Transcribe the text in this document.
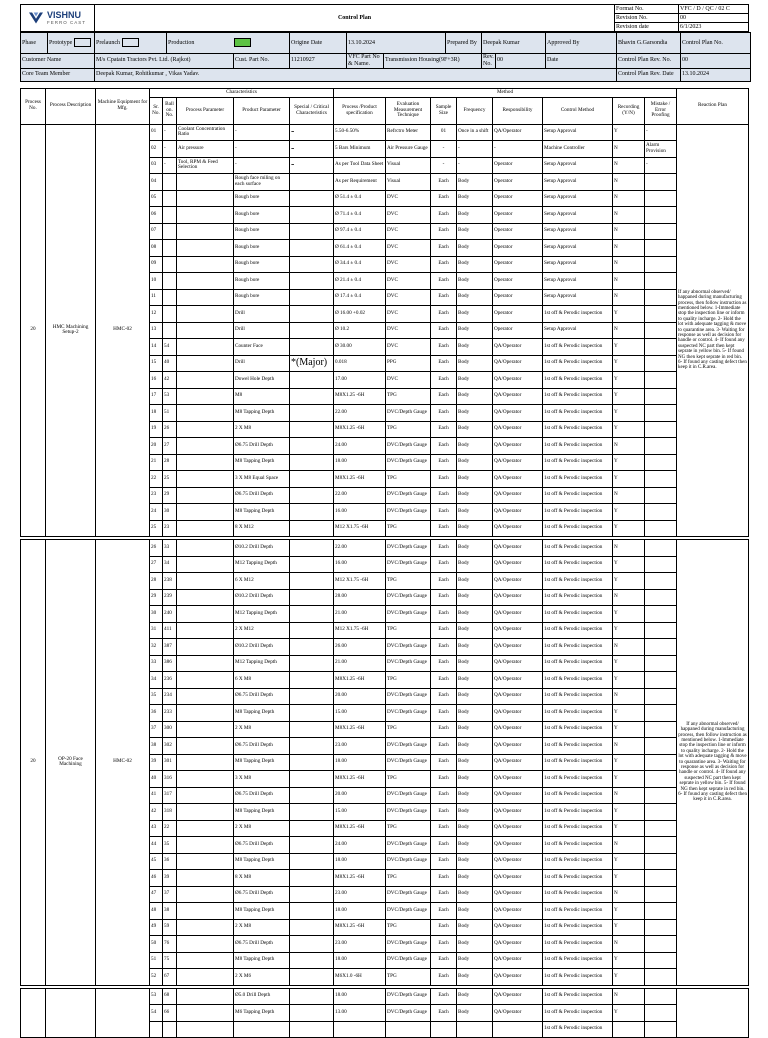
VISHNU
FERRO CAST	Control Plan	Format No.	VFC / D / QC / 02 C
		Revision No.	00
		Revision date	6/1/2023
Phase	Prototype	Prelaunch	Production		Origine Date	13.10.2024		Prepared By	Deepak Kumar		Approved By	Bhavin G.Garsondia	Control Plan No.	
Customer Name		M/s Cpatain Tractors Pvt. Ltd. (Rajkot)		Cust. Part No.	11210927	VFC Part No & Name.	Transmission Housing(9F+3R)		Rev. No.	00	Date	Control Plan Rev. No.	00	
Core Team Member		Deepak Kumar, Rohitkumar , Vikas Yadav.										Control Plan Rev. Date	13.10.2024	
Process No.	Process Description	Machine Equipment for Mfg.	Characteristics					Method								Reaction Plan
			Sr. No.	Ball on. No.	Process Parameter	Product Parameter	Special / Critical Characteristics	Process /Product specification	Evaluation Measurement Technique	Sample Size	Frequency	Responsibility	Control Method	Recording (Y/N)	Mistake / Error Proofing	
20	HMC Machining Setup-2	HMC-02	01	-	Coolant Concentration Ratio	-	-	5.50-6.50%	Refrctro Meter	01	Once in a shift	QA/Operator	Setup Approval	Y	-	If any abnormal observed/ happaned during manufacturing process, then follow instruction as mentioned below. 1-Immediate stop the inspection line or inform to quality incharge. 2- Hold the lot with adequate tagging & move to quarantine area. 3- Waiting for response as well as decision for handle or control. 4- If found any suspected NC part then kept seprate in yellow bin. 5- If found NG then kept seprate in red bin. 6- If found any casting defect then keep it in C.R.area.
			02	-	Air pressure	-	-	5 Bars Minimum	Air Pressure Gauge	-	-	-	Machine Controller	N	Alarm Provision	
			03	-	Tool, RPM & Feed Selection	-	-	As per Tool Data Sheet	Visual	-	-	Operator	Setup Approval	N	-	
			04			Rough face miling on each surface		As per Requirement	Visual	Each	Body	Operator	Setup Approval	N		
			05			Rough bore		Ø 51.4 ± 0.4	DVC	Each	Body	Operator	Setup Approval	N		
			06			Rough bore		Ø 71.4 ± 0.4	DVC	Each	Body	Operator	Setup Approval	N		
			07			Rough bore		Ø 97.4 ± 0.4	DVC	Each	Body	Operator	Setup Approval	N		
			08			Rough bore		Ø 61.4 ± 0.4	DVC	Each	Body	Operator	Setup Approval	N		
			09			Rough bore		Ø 34.4 ± 0.4	DVC	Each	Body	Operator	Setup Approval	N		
			10			Rough bore		Ø 21.4 ± 0.4	DVC	Each	Body	Operator	Setup Approval	N		
			11			Rough bore		Ø 17.4 ± 0.4	DVC	Each	Body	Operator	Setup Approval	N		
			12			Drill		Ø 16.00 +0.02	DVC	Each	Body	Operator	1st off & Perodic inspection	Y		
			13			Drill		Ø 10.2	DVC	Each	Body	Operator	Setup Approval	N		
			14	54		Counter Face		Ø 30.00	DVC	Each	Body	QA/Operator	1st off & Perodic inspection	Y		
			15	40		Drill	*(Major)	0.018	PPG	Each	Body	QA/Operator	1st off & Perodic inspection	Y		
			16	42		Dowel Hole Depth		17.00	DVC	Each	Body	QA/Operator	1st off & Perodic inspection	Y		
			17	53		M8		M8X1.25 -6H	TPG	Each	Body	QA/Operator	1st off & Perodic inspection	Y		
			18	51		M8 Tapping Depth		22.00	DVC/Depth Gauge	Each	Body	QA/Operator	1st off & Perodic inspection	Y		
			19	26		2 X M8		M8X1.25 -6H	TPG	Each	Body	QA/Operator	1st off & Perodic inspection	Y		
			20	27		Ø6.75 Drill Depth		24.00	DVC/Depth Gauge	Each	Body	QA/Operator	1st off & Perodic inspection	N		
			21	28		M8 Tapping Depth		18.00	DVC/Depth Gauge	Each	Body	QA/Operator	1st off & Perodic inspection	Y		
			22	25		3 X M8 Equal Space		M8X1.25 -6H	TPG	Each	Body	QA/Operator	1st off & Perodic inspection	Y		
			23	29		Ø6.75 Drill Depth		22.00	DVC/Depth Gauge	Each	Body	QA/Operator	1st off & Perodic inspection	N		
			24	30		M8 Tapping Depth		16.00	DVC/Depth Gauge	Each	Body	QA/Operator	1st off & Perodic inspection	Y		
			25	23		8 X M12		M12 X1.75 -6H	TPG	Each	Body	QA/Operator	1st off & Perodic inspection	Y		

20	OP-20 Face Machining	HMC-02	26	33		Ø10.2 Drill Depth		22.00	DVC/Depth Gauge	Each	Body	QA/Operator	1st off & Perodic inspection	N		If any abnormal observed/ happaned during manufacturing process, then follow instruction as mentioned below. 1-Immediate stop the inspection line or inform to quality incharge. 2- Hold the lot with adequate tagging & move to quarantine area. 3- Waiting for response as well as decision for handle or control. 4- If found any suspected NC part then kept seprate in yellow bin. 5- If found NG then kept seprate in red bin. 6- If found any casting defect then keep it in C.R.area.
			27	34		M12 Tapping Depth		16.00	DVC/Depth Gauge	Each	Body	QA/Operator	1st off & Perodic inspection	Y		
			28	238		6 X M12		M12 X1.75 -6H	TPG	Each	Body	QA/Operator	1st off & Perodic inspection	Y		
			29	239		Ø10.2 Drill Depth		28.00	DVC/Depth Gauge	Each	Body	QA/Operator	1st off & Perodic inspection	N		
			30	240		M12 Tapping Depth		21.00	DVC/Depth Gauge	Each	Body	QA/Operator	1st off & Perodic inspection	Y		
			31	411		2 X M12		M12 X1.75 -6H	TPG	Each	Body	QA/Operator	1st off & Perodic inspection	Y		
			32	387		Ø10.2 Drill Depth		26.00	DVC/Depth Gauge	Each	Body	QA/Operator	1st off & Perodic inspection	N		
			33	386		M12 Tapping Depth		21.00	DVC/Depth Gauge	Each	Body	QA/Operator	1st off & Perodic inspection	Y		
			34	236		6 X M8		M8X1.25 -6H	TPG	Each	Body	QA/Operator	1st off & Perodic inspection	Y		
			35	234		Ø6.75 Drill Depth		20.00	DVC/Depth Gauge	Each	Body	QA/Operator	1st off & Perodic inspection	N		
			36	233		M8 Tapping Depth		15.00	DVC/Depth Gauge	Each	Body	QA/Operator	1st off & Perodic inspection	Y		
			37	300		2 X M8		M8X1.25 -6H	TPG	Each	Body	QA/Operator	1st off & Perodic inspection	Y		
			38	302		Ø6.75 Drill Depth		23.00	DVC/Depth Gauge	Each	Body	QA/Operator	1st off & Perodic inspection	N		
			39	301		M8 Tapping Depth		18.00	DVC/Depth Gauge	Each	Body	QA/Operator	1st off & Perodic inspection	Y		
			40	316		3 X M8		M8X1.25 -6H	TPG	Each	Body	QA/Operator	1st off & Perodic inspection	Y		
			41	317		Ø6.75 Drill Depth		20.00	DVC/Depth Gauge	Each	Body	QA/Operator	1st off & Perodic inspection	N		
			42	318		M8 Tapping Depth		15.00	DVC/Depth Gauge	Each	Body	QA/Operator	1st off & Perodic inspection	Y		
			43	22		2 X M8		M8X1.25 -6H	TPG	Each	Body	QA/Operator	1st off & Perodic inspection	Y		
			44	35		Ø6.75 Drill Depth		24.00	DVC/Depth Gauge	Each	Body	QA/Operator	1st off & Perodic inspection	N		
			45	36		M8 Tapping Depth		18.00	DVC/Depth Gauge	Each	Body	QA/Operator	1st off & Perodic inspection	Y		
			46	39		8 X M8		M8X1.25 -6H	TPG	Each	Body	QA/Operator	1st off & Perodic inspection	Y		
			47	37		Ø6.75 Drill Depth		23.00	DVC/Depth Gauge	Each	Body	QA/Operator	1st off & Perodic inspection	N		
			48	38		M8 Tapping Depth		18.00	DVC/Depth Gauge	Each	Body	QA/Operator	1st off & Perodic inspection	Y		
			49	59		2 X M8		M8X1.25 -6H	TPG	Each	Body	QA/Operator	1st off & Perodic inspection	Y		
			50	76		Ø6.75 Drill Depth		23.00	DVC/Depth Gauge	Each	Body	QA/Operator	1st off & Perodic inspection	N		
			51	75		M8 Tapping Depth		18.00	DVC/Depth Gauge	Each	Body	QA/Operator	1st off & Perodic inspection	Y		
			52	67		2 X M6		M6X1.0 -6H	TPG	Each	Body	QA/Operator	1st off & Perodic inspection	Y		

			53	68		Ø5.0 Drill Depth		18.00	DVC/Depth Gauge	Each	Body	QA/Operator	1st off & Perodic inspection	N		
			54	66		M6 Tapping Depth		13.00	DVC/Depth Gauge	Each	Body	QA/Operator	1st off & Perodic inspection	Y		
													1st off & Perodic inspection			
